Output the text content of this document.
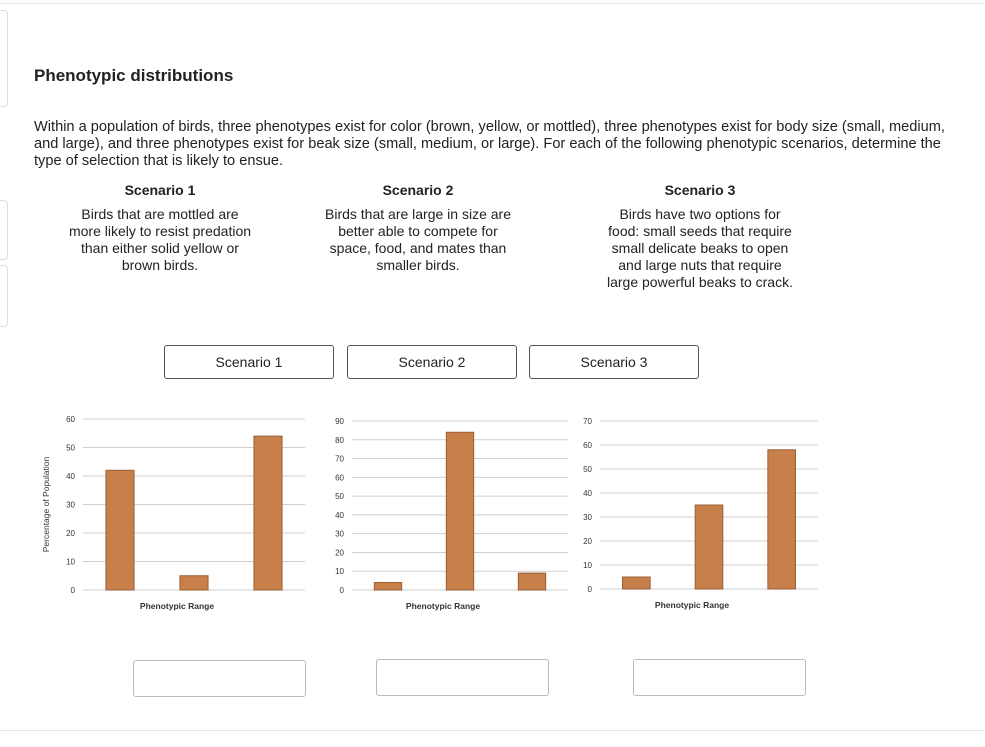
Phenotypic distributions

Within a population of birds, three phenotypes exist for color (brown, yellow, or mottled), three phenotypes exist for body size (small, medium, and large), and three phenotypes exist for beak size (small, medium, or large). For each of the following phenotypic scenarios, determine the type of selection that is likely to ensue.

Scenario 1
Birds that are mottled are
more likely to resist predation
than either solid yellow or
brown birds.
Scenario 2
Birds that are large in size are
better able to compete for
space, food, and mates than
smaller birds.
Scenario 3
Birds have two options for
food: small seeds that require
small delicate beaks to open
and large nuts that require
large powerful beaks to crack.
Scenario 1	Scenario 2	Scenario 3
0
10
20
30
40
50
60
Phenotypic Range
Percentage of Population
0
10
20
30
40
50
60
70
80
90
Phenotypic Range
0
10
20
30
40
50
60
70
Phenotypic Range
